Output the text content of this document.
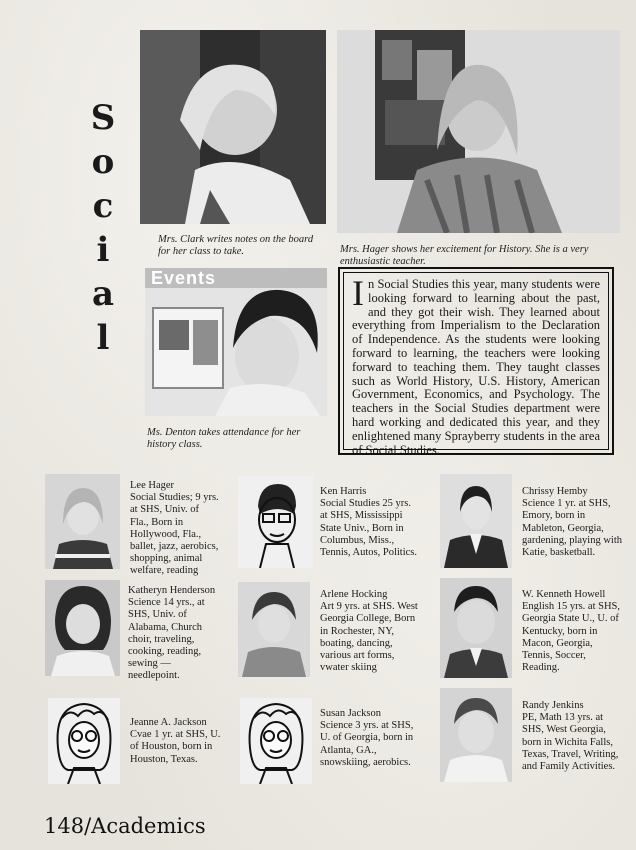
S
o
c
i
a
l
Mrs. Clark writes notes on the board
for her class to take.	Mrs. Hager shows her excitement for History. She is a very
enthusiastic teacher.
Events
Ms. Denton takes attendance for her
history class.
I n Social Studies this year, many students were looking forward to learning about the past, and they got their wish. They learned about everything from Imperialism to the Declaration of Independence. As the students were looking forward to learning, the teachers were looking forward to teaching them. They taught classes such as World History, U.S. History, American Government, Economics, and Psychology. The teachers in the Social Studies department were hard working and dedicated this year, and they enlightened many Sprayberry students in the area of Social Studies.
Lee Hager
Social Studies; 9 yrs.
at SHS, Univ. of
Fla., Born in
Hollywood, Fla.,
ballet, jazz, aerobics,
shopping, animal
welfare, reading
Ken Harris
Social Studies 25 yrs.
at SHS, Mississippi
State Univ., Born in
Columbus, Miss.,
Tennis, Autos, Politics.
Chrissy Hemby
Science 1 yr. at SHS,
Emory, born in
Mableton, Georgia,
gardening, playing with
Katie, basketball.
Katheryn Henderson
Science 14 yrs., at
SHS, Univ. of
Alabama, Church
choir, traveling,
cooking, reading,
sewing —
needlepoint.
Arlene Hocking
Art 9 yrs. at SHS. West
Georgia College, Born
in Rochester, NY,
boating, dancing,
various art forms,
vwater skiing
W. Kenneth Howell
English 15 yrs. at SHS,
Georgia State U., U. of
Kentucky, born in
Macon, Georgia,
Tennis, Soccer,
Reading.
Jeanne A. Jackson
Cvae 1 yr. at SHS, U.
of Houston, born in
Houston, Texas.
Susan Jackson
Science 3 yrs. at SHS,
U. of Georgia, born in
Atlanta, GA.,
snowskiing, aerobics.
Randy Jenkins
PE, Math 13 yrs. at
SHS, West Georgia,
born in Wichita Falls,
Texas, Travel, Writing,
and Family Activities.
148/Academics
